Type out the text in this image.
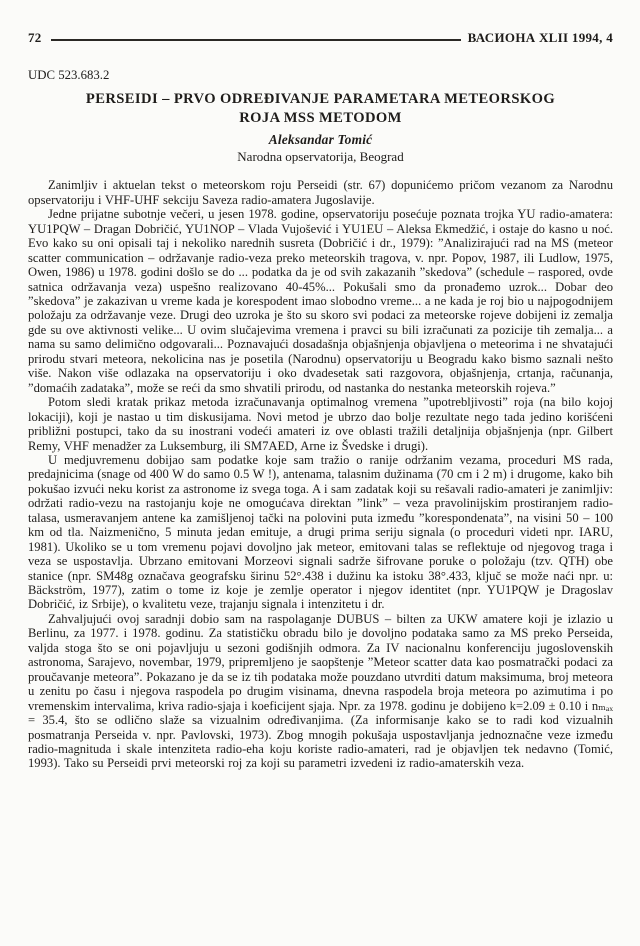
72	ВАСИОНА XLII 1994, 4
UDC 523.683.2
PERSEIDI – PRVO ODREĐIVANJE PARAMETARA METEORSKOG
ROJA MSS METODOM
Aleksandar Tomić
Narodna opservatorija, Beograd

Zanimljiv i aktuelan tekst o meteorskom roju Perseidi (str. 67) dopunićemo pričom vezanom za Narodnu opservatoriju i VHF-UHF sekciju Saveza radio-amatera Jugoslavije.

Jedne prijatne subotnje večeri, u jesen 1978. godine, opservatoriju posećuje poznata trojka YU radio-amatera: YU1PQW – Dragan Dobričić, YU1NOP – Vlada Vujošević i YU1EU – Aleksa Ekmedžić, i ostaje do kasno u noć. Evo kako su oni opisali taj i nekoliko narednih susreta (Dobričić i dr., 1979): ”Analizirajući rad na MS (meteor scatter communication – održavanje radio-veza preko meteorskih tragova, v. npr. Popov, 1987, ili Ludlow, 1975, Owen, 1986) u 1978. godini došlo se do ... podatka da je od svih zakazanih ”skedova” (schedule – raspored, ovde satnica održavanja veza) uspešno realizovano 40-45%... Pokušali smo da pronađemo uzrok... Dobar deo ”skedova” je zakazivan u vreme kada je korespodent imao slobodno vreme... a ne kada je roj bio u najpogodnijem položaju za održavanje veze. Drugi deo uzroka je što su skoro svi podaci za meteorske rojeve dobijeni iz zemalja gde su ove aktivnosti velike... U ovim slučajevima vremena i pravci su bili izračunati za pozicije tih zemalja... a nama su samo delimično odgovarali... Poznavajući dosadašnja objašnjenja objavljena o meteorima i ne shvatajući prirodu stvari meteora, nekolicina nas je posetila (Narodnu) opservatoriju u Beogradu kako bismo saznali nešto više. Nakon više odlazaka na opservatoriju i oko dvadesetak sati razgovora, objašnjenja, crtanja, računanja, ”domaćih zadataka”, može se reći da smo shvatili prirodu, od nastanka do nestanka meteorskih rojeva.”

Potom sledi kratak prikaz metoda izračunavanja optimalnog vremena ”upotrebljivosti” roja (na bilo kojoj lokaciji), koji je nastao u tim diskusijama. Novi metod je ubrzo dao bolje rezultate nego tada jedino korišćeni približni postupci, tako da su inostrani vodeći amateri iz ove oblasti tražili detaljnija objašnjenja (npr. Gilbert Remy, VHF menadžer za Luksemburg, ili SM7AED, Arne iz Švedske i drugi).

U medjuvremenu dobijao sam podatke koje sam tražio o ranije održanim vezama, proceduri MS rada, predajnicima (snage od 400 W do samo 0.5 W !), antenama, talasnim dužinama (70 cm i 2 m) i drugome, kako bih pokušao izvući neku korist za astronome iz svega toga. A i sam zadatak koji su rešavali radio-amateri je zanimljiv: održati radio-vezu na rastojanju koje ne omogućava direktan ”link” – veza pravolinijskim prostiranjem radio-talasa, usmeravanjem antene ka zamišljenoj tački na polovini puta između ”korespondenata”, na visini 50 – 100 km od tla. Naizmenično, 5 minuta jedan emituje, a drugi prima seriju signala (o proceduri videti npr. IARU, 1981). Ukoliko se u tom vremenu pojavi dovoljno jak meteor, emitovani talas se reflektuje od njegovog traga i veza se uspostavlja. Ubrzano emitovani Morzeovi signali sadrže šifrovane poruke o položaju (tzv. QTH) obe stanice (npr. SM48g označava geografsku širinu 52°.438 i dužinu ka istoku 38°.433, ključ se može naći npr. u: Bäckström, 1977), zatim o tome iz koje je zemlje operator i njegov identitet (npr. YU1PQW je Dragoslav Dobričić, iz Srbije), o kvalitetu veze, trajanju signala i intenzitetu i dr.

Zahvaljujući ovoj saradnji dobio sam na raspolaganje DUBUS – bilten za UKW amatere koji je izlazio u Berlinu, za 1977. i 1978. godinu. Za statističku obradu bilo je dovoljno podataka samo za MS preko Perseida, valjda stoga što se oni pojavljuju u sezoni godišnjih odmora. Za IV nacionalnu konferenciju jugoslovenskih astronoma, Sarajevo, novembar, 1979, pripremljeno je saopštenje ”Meteor scatter data kao posmatrački podaci za proučavanje meteora”. Pokazano je da se iz tih podataka može pouzdano utvrditi datum maksimuma, broj meteora u zenitu po času i njegova raspodela po drugim visinama, dnevna raspodela broja meteora po azimutima i po vremenskim intervalima, kriva radio-sjaja i koeficijent sjaja. Npr. za 1978. godinu je dobijeno k=2.09 ± 0.10 i nₘₐₓ = 35.4, što se odlično slaže sa vizualnim određivanjima. (Za informisanje kako se to radi kod vizualnih posmatranja Perseida v. npr. Pavlovski, 1973). Zbog mnogih pokušaja uspostavljanja jednoznačne veze između radio-magnituda i skale intenziteta radio-eha koju koriste radio-amateri, rad je objavljen tek nedavno (Tomić, 1993). Tako su Perseidi prvi meteorski roj za koji su parametri izvedeni iz radio-amaterskih veza.
